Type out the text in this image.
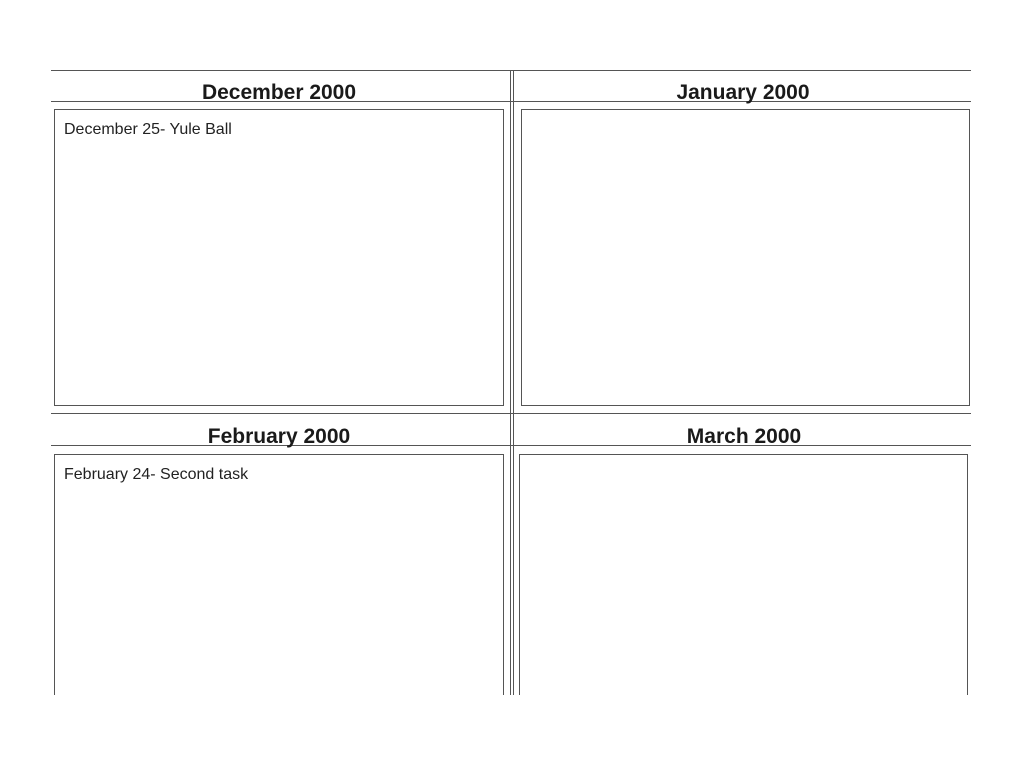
December 2000
December 25- Yule Ball
January 2000
February 2000
February 24- Second task
March 2000
